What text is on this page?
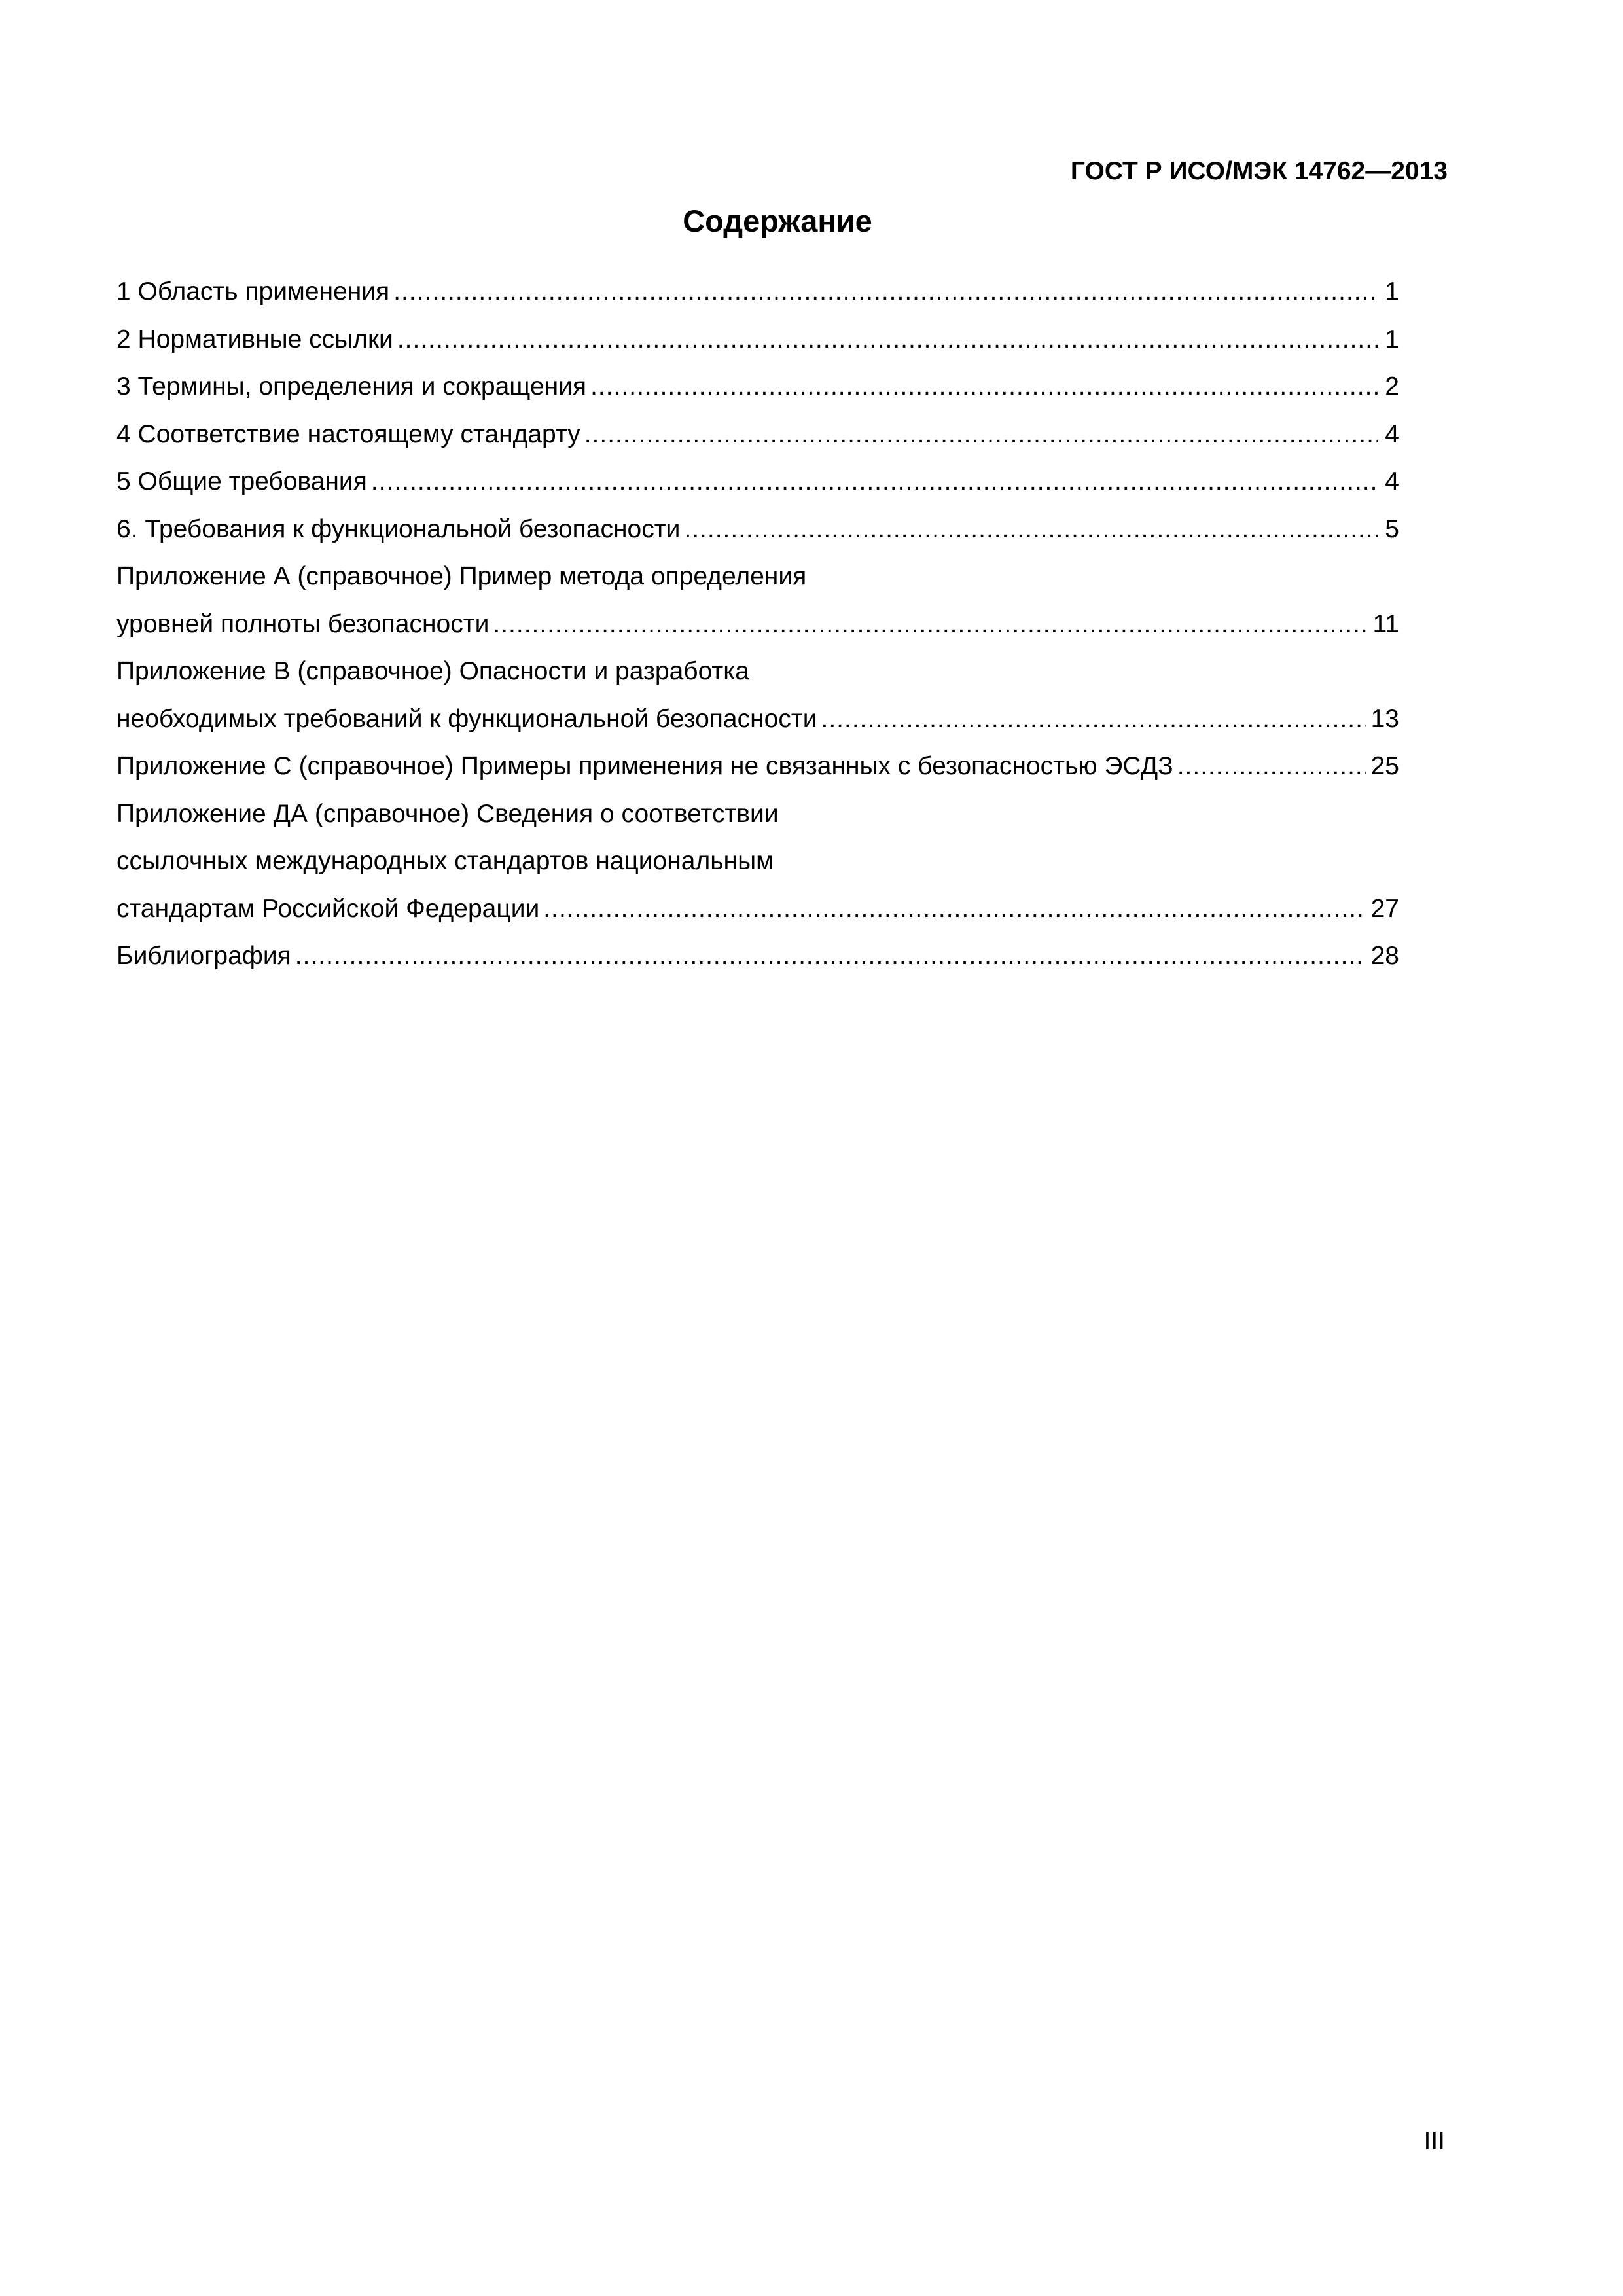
ГОСТ Р ИСО/МЭК 14762—2013
Содержание
1 Область применения .....	1
2 Нормативные ссылки .....	1
3 Термины, определения и сокращения .....	2
4 Соответствие настоящему стандарту .....	4
5 Общие требования .....	4
6. Требования к функциональной безопасности .....	5
Приложение А (справочное) Пример метода определения
уровней полноты безопасности .....	11
Приложение В (справочное) Опасности и разработка
необходимых требований к функциональной безопасности .....	13
Приложение С (справочное) Примеры применения не связанных с безопасностью ЭСДЗ .....	25
Приложение ДА (справочное) Сведения о соответствии
ссылочных международных стандартов национальным
стандартам Российской Федерации .....	27
Библиография .....	28
III
